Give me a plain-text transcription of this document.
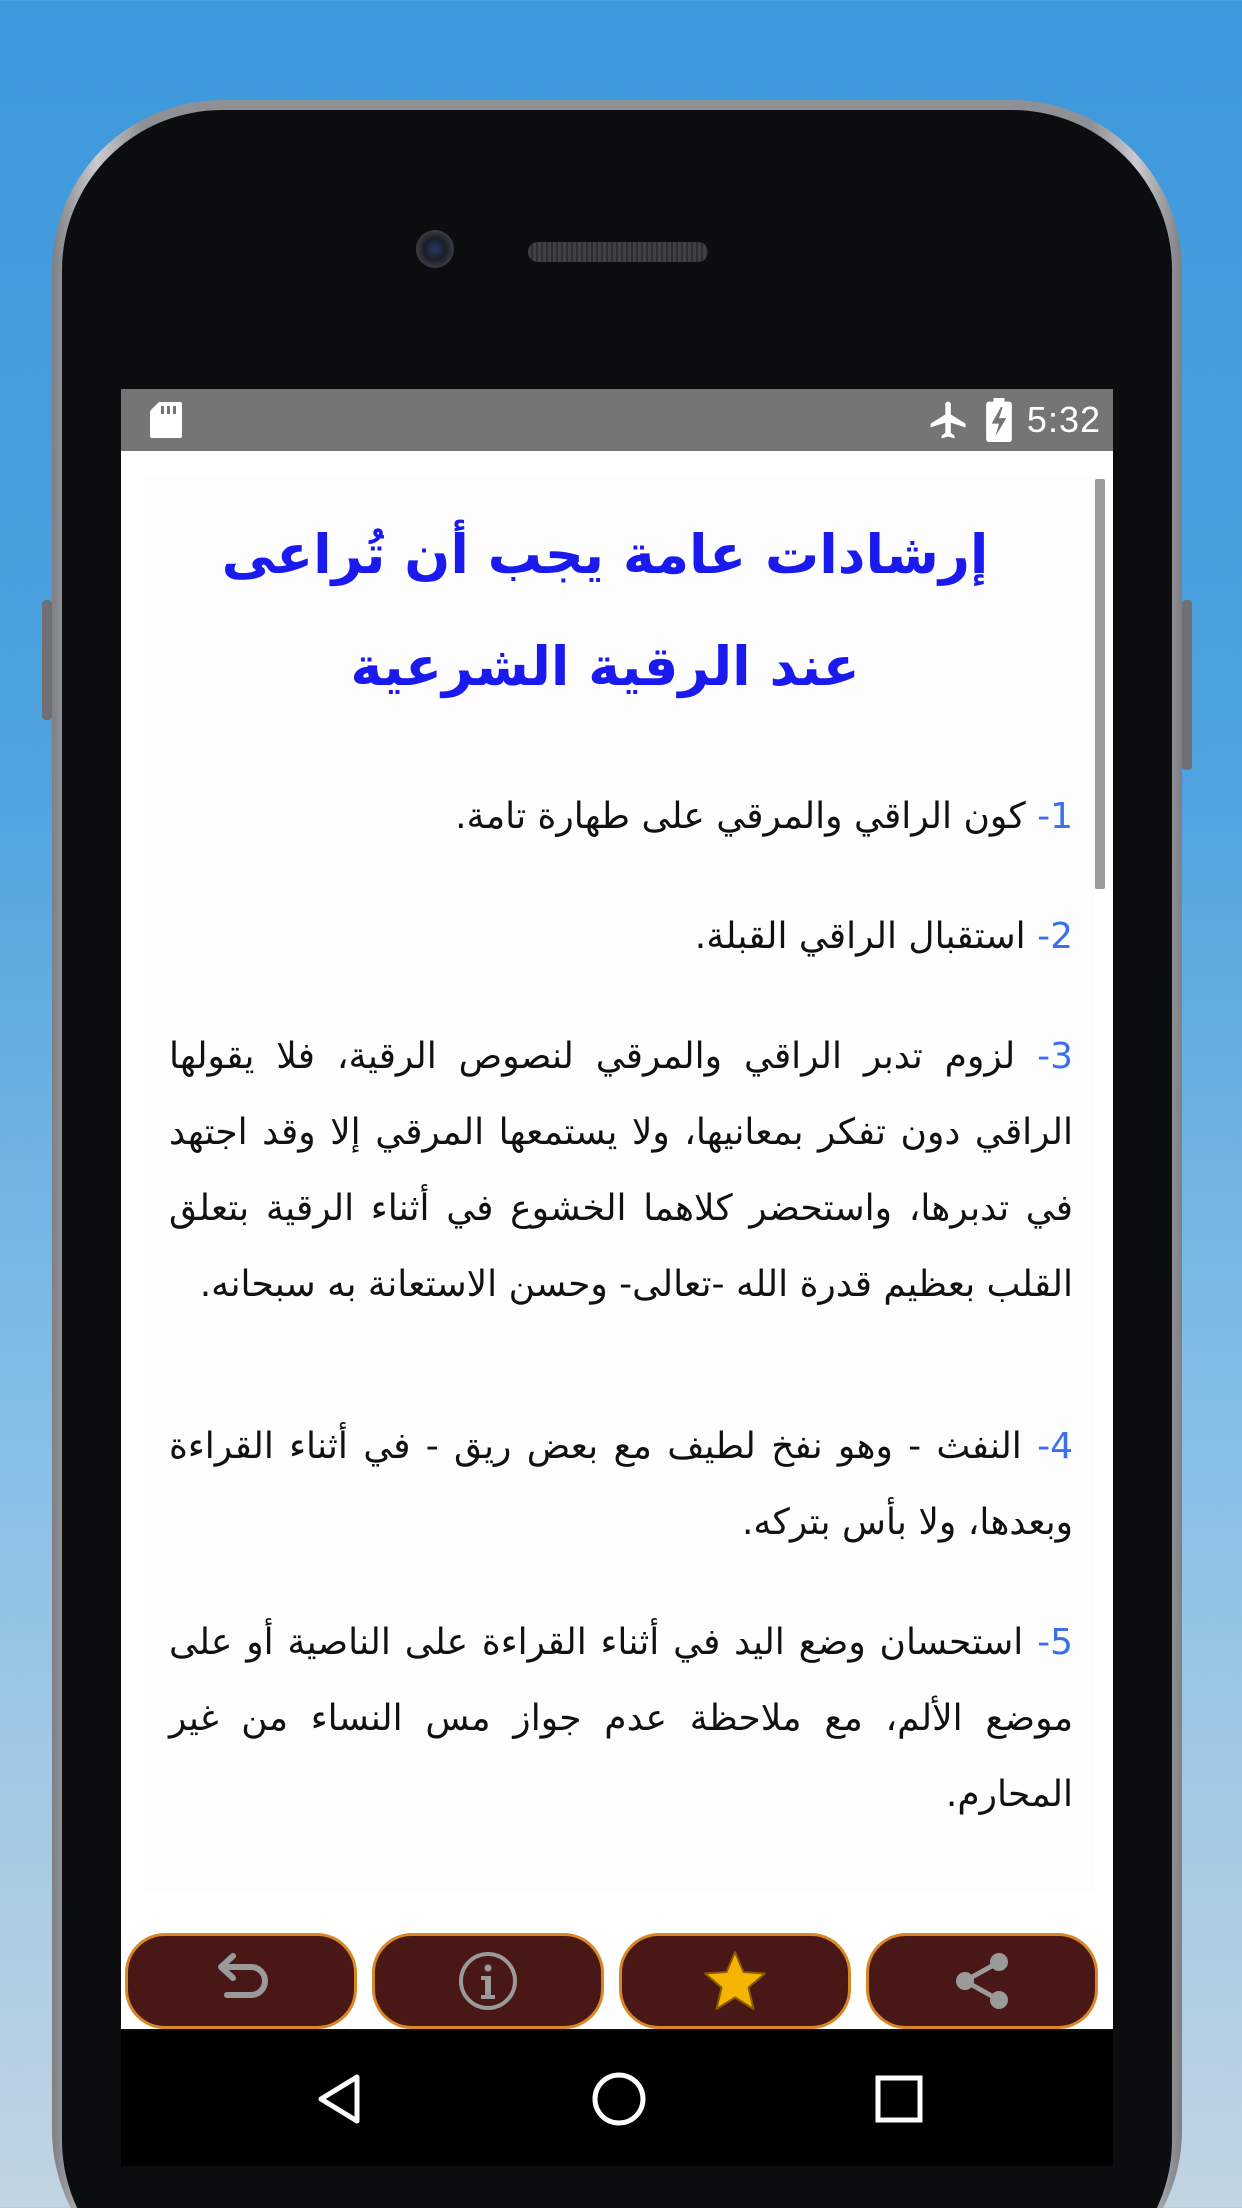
5:32
إرشادات عامة يجب أن تُراعى عند الرقية الشرعية
1- كون الراقي والمرقي على طهارة تامة.
2- استقبال الراقي القبلة.
3- لزوم تدبر الراقي والمرقي لنصوص الرقية، فلا يقولها الراقي دون تفكر بمعانيها، ولا يستمعها المرقي إلا وقد اجتهد في تدبرها، واستحضر كلاهما الخشوع في أثناء الرقية بتعلق القلب بعظيم قدرة الله -تعالى- وحسن الاستعانة به سبحانه.
4- النفث - وهو نفخ لطيف مع بعض ريق - في أثناء القراءة وبعدها، ولا بأس بتركه.
5- استحسان وضع اليد في أثناء القراءة على الناصية أو على موضع الألم، مع ملاحظة عدم جواز مس النساء من غير المحارم.
